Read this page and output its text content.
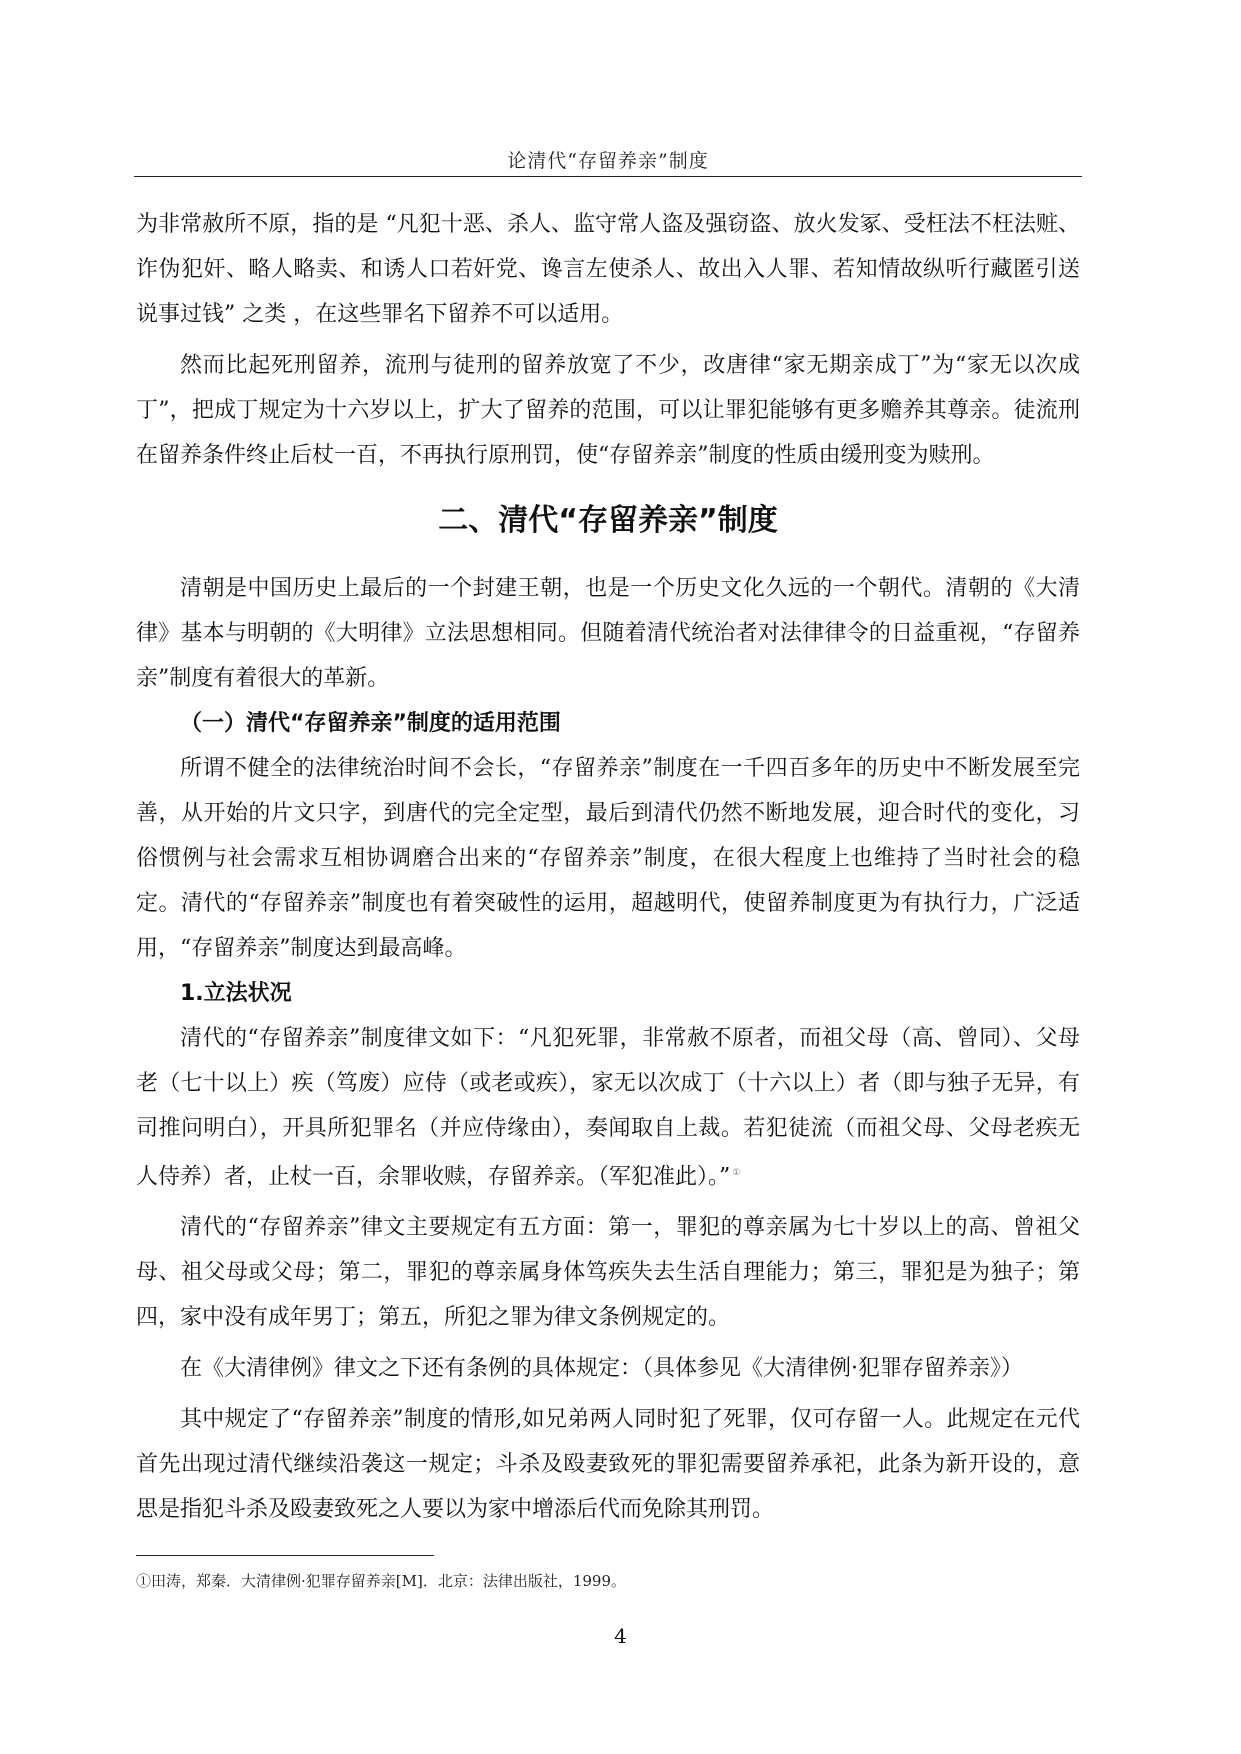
论清代“存留养亲”制度

为非常赦所不原，指的是 “凡犯十恶、杀人、监守常人盗及强窃盗、放火发冢、受枉法不枉法赃、诈伪犯奸、略人略卖、和诱人口若奸党、谗言左使杀人、故出入人罪、若知情故纵听行藏匿引送说事过钱” 之类 ，在这些罪名下留养不可以适用。

然而比起死刑留养，流刑与徒刑的留养放宽了不少，改唐律“家无期亲成丁”为“家无以次成丁”，把成丁规定为十六岁以上，扩大了留养的范围，可以让罪犯能够有更多赡养其尊亲。徒流刑在留养条件终止后杖一百，不再执行原刑罚，使“存留养亲”制度的性质由缓刑变为赎刑。

二、清代“存留养亲”制度

清朝是中国历史上最后的一个封建王朝，也是一个历史文化久远的一个朝代。清朝的《大清律》基本与明朝的《大明律》立法思想相同。但随着清代统治者对法律律令的日益重视，“存留养亲”制度有着很大的革新。

（一）清代“存留养亲”制度的适用范围

所谓不健全的法律统治时间不会长，“存留养亲”制度在一千四百多年的历史中不断发展至完善，从开始的片文只字，到唐代的完全定型，最后到清代仍然不断地发展，迎合时代的变化，习俗惯例与社会需求互相协调磨合出来的“存留养亲”制度，在很大程度上也维持了当时社会的稳定。清代的“存留养亲”制度也有着突破性的运用，超越明代，使留养制度更为有执行力，广泛适用，“存留养亲”制度达到最高峰。

1.立法状况

清代的“存留养亲”制度律文如下：“凡犯死罪，非常赦不原者，而祖父母（高、曾同）、父母老（七十以上）疾（笃废）应侍（或老或疾），家无以次成丁（十六以上）者（即与独子无异，有司推问明白），开具所犯罪名（并应侍缘由），奏闻取自上裁。若犯徒流（而祖父母、父母老疾无人侍养）者，止杖一百，余罪收赎，存留养亲。（军犯准此）。” ①

清代的“存留养亲”律文主要规定有五方面：第一，罪犯的尊亲属为七十岁以上的高、曾祖父母、祖父母或父母；第二，罪犯的尊亲属身体笃疾失去生活自理能力；第三，罪犯是为独子；第四，家中没有成年男丁；第五，所犯之罪为律文条例规定的。

在《大清律例》律文之下还有条例的具体规定：（具体参见《大清律例·犯罪存留养亲》）

其中规定了“存留养亲”制度的情形,如兄弟两人同时犯了死罪，仅可存留一人。此规定在元代首先出现过清代继续沿袭这一规定；斗杀及殴妻致死的罪犯需要留养承祀，此条为新开设的，意思是指犯斗杀及殴妻致死之人要以为家中增添后代而免除其刑罚。

①田涛，郑秦．大清律例·犯罪存留养亲[M]．北京：法律出版社，1999。
4
